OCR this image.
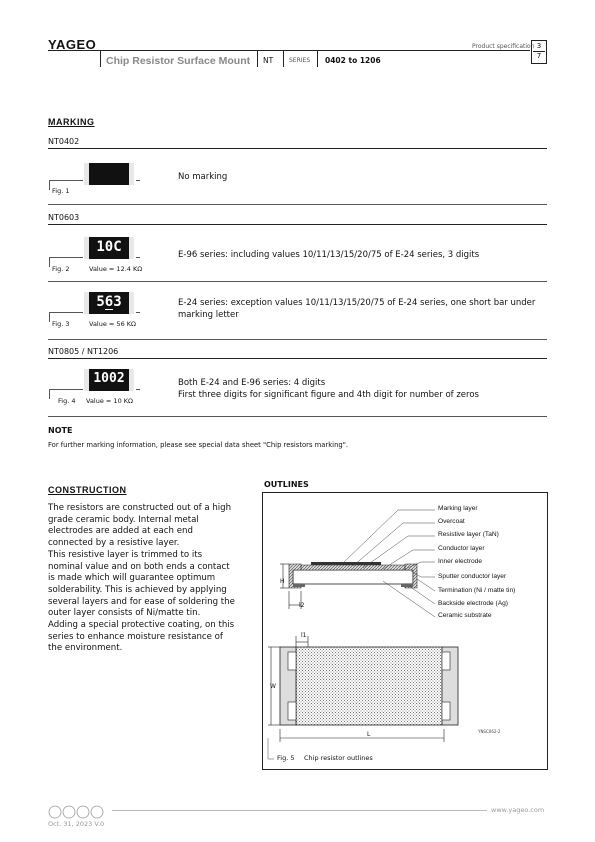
YAGEO	Product specification 3
7
Chip Resistor Surface Mount NT	SERIES 0402 to 1206
MARKING
NT0402
Fig. 1
No marking
NT0603
10C
Fig. 2	Value = 12.4 KΩ
E-96 series: including values 10/11/13/15/20/75 of E-24 series, 3 digits
563
Fig. 3	Value = 56 KΩ
E-24 series: exception values 10/11/13/15/20/75 of E-24 series, one short bar under marking letter
NT0805 / NT1206
1002
Fig. 4 Value = 10 KΩ
Both E-24 and E-96 series: 4 digits
First three digits for significant figure and 4th digit for number of zeros
NOTE
For further marking information, please see special data sheet "Chip resistors marking".
CONSTRUCTION
The resistors are constructed out of a high
grade ceramic body. Internal metal
electrodes are added at each end
connected by a resistive layer.
This resistive layer is trimmed to its
nominal value and on both ends a contact
is made which will guarantee optimum
solderability. This is achieved by applying
several layers and for ease of soldering the
outer layer consists of Ni/matte tin.
Adding a special protective coating, on this
series to enhance moisture resistance of
the environment.
OUTLINES
Marking layer
Overcoat
Resistive layer (TaN)
Conductor layer
Inner electrode
Sputter conductor layer
Termination (Ni / matte tin)
Backside electrode (Ag)
Ceramic substrate
H
l2
l1
W
L	YNSC062-2
Fig. 5 Chip resistor outlines
www.yageo.com
Oct. 31, 2023 V.0
